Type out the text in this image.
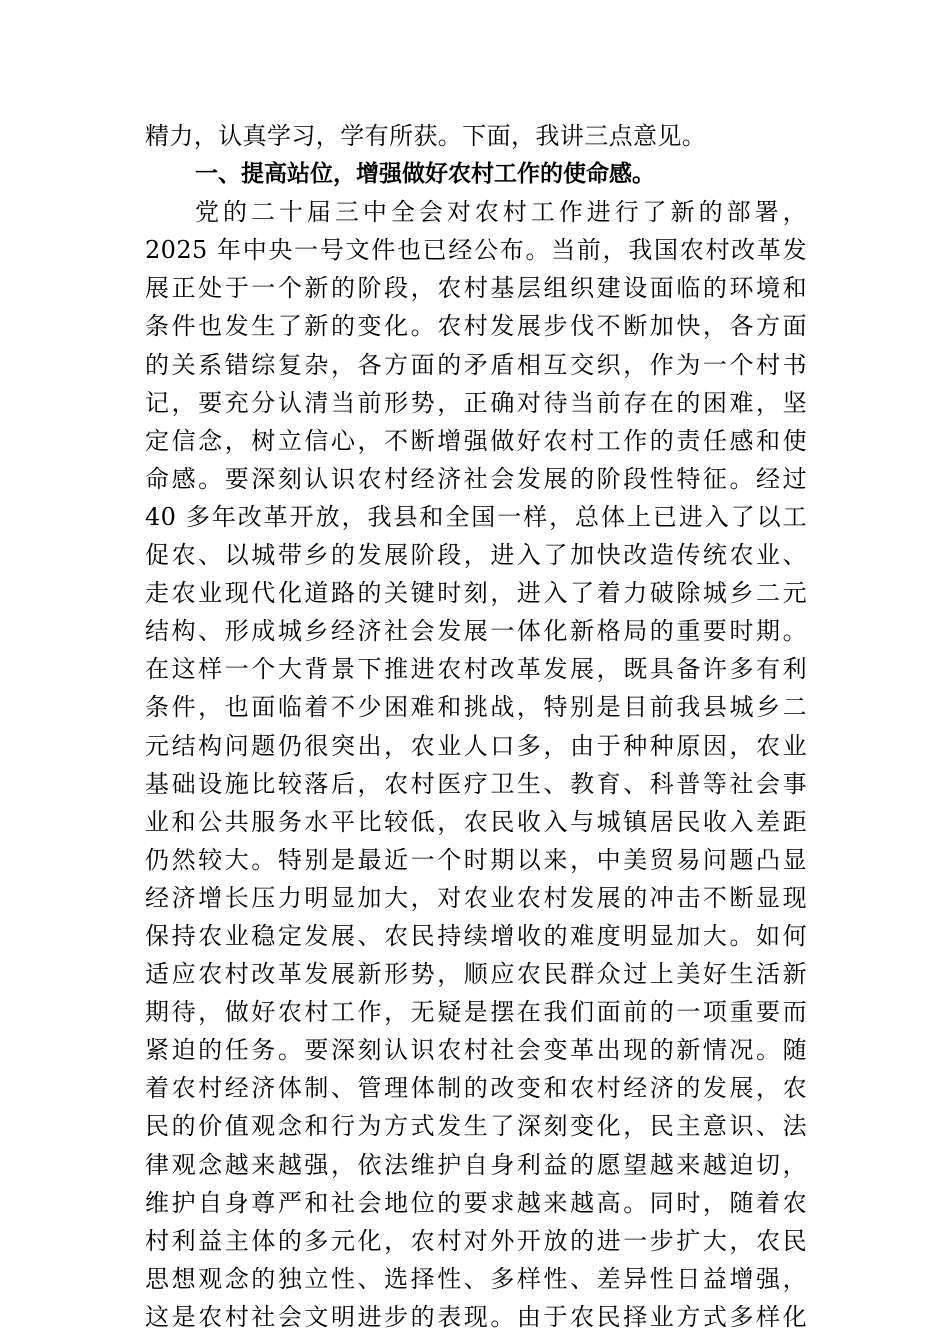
精力，认真学习，学有所获。下面，我讲三点意见。
一、提高站位，增强做好农村工作的使命感。
党的二十届三中全会对农村工作进行了新的部署，
2025 年中央一号文件也已经公布。当前，我国农村改革发
展正处于一个新的阶段，农村基层组织建设面临的环境和
条件也发生了新的变化。农村发展步伐不断加快，各方面
的关系错综复杂，各方面的矛盾相互交织，作为一个村书
记，要充分认清当前形势，正确对待当前存在的困难，坚
定信念，树立信心，不断增强做好农村工作的责任感和使
命感。要深刻认识农村经济社会发展的阶段性特征。经过
40 多年改革开放，我县和全国一样，总体上已进入了以工
促农、以城带乡的发展阶段，进入了加快改造传统农业、
走农业现代化道路的关键时刻，进入了着力破除城乡二元
结构、形成城乡经济社会发展一体化新格局的重要时期。
在这样一个大背景下推进农村改革发展，既具备许多有利
条件，也面临着不少困难和挑战，特别是目前我县城乡二
元结构问题仍很突出，农业人口多，由于种种原因，农业
基础设施比较落后，农村医疗卫生、教育、科普等社会事
业和公共服务水平比较低，农民收入与城镇居民收入差距
仍然较大。特别是最近一个时期以来，中美贸易问题凸显
经济增长压力明显加大，对农业农村发展的冲击不断显现
保持农业稳定发展、农民持续增收的难度明显加大。如何
适应农村改革发展新形势，顺应农民群众过上美好生活新
期待，做好农村工作，无疑是摆在我们面前的一项重要而
紧迫的任务。要深刻认识农村社会变革出现的新情况。随
着农村经济体制、管理体制的改变和农村经济的发展，农
民的价值观念和行为方式发生了深刻变化，民主意识、法
律观念越来越强，依法维护自身利益的愿望越来越迫切，
维护自身尊严和社会地位的要求越来越高。同时，随着农
村利益主体的多元化，农村对外开放的进一步扩大，农民
思想观念的独立性、选择性、多样性、差异性日益增强，
这是农村社会文明进步的表现。由于农民择业方式多样化
